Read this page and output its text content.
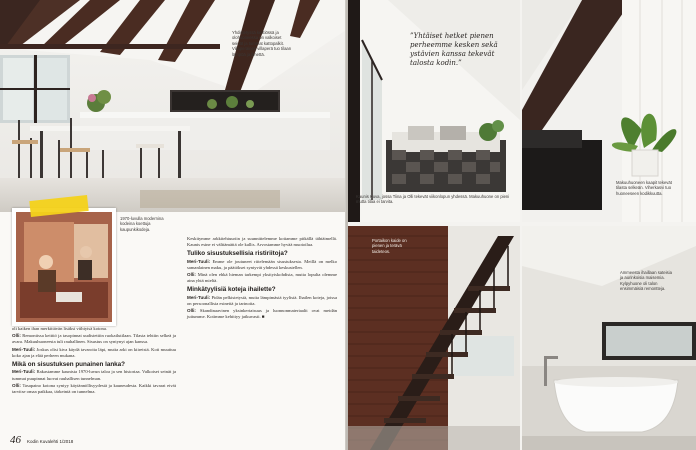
Yhdistetyssä keittiössä ja olohuoneessa on valkoiset seinät ja tummat kattopalkit. Villaperäinen villaperä tuo tilaan lämpöä ja ilmettä.
1970-luvulla modernina kodeina koettuja kaupunkikodeja.

oli kaiken ihan merkittävän lisäksi viihtyisä kotona.

Olli: Remontissa keittiö ja tasopinnat uudistettiin ruokailutilaan. Tilasta tehtiin selkeä ja avara. Makuuhuoneesta tuli rauhallinen. Sisustus on syntynyt ajan kanssa.

Meri-Tuuli: Joskus olisi kiva käydä tavaroita läpi, mutta arki on kiireistä. Koti muuttuu koko ajan ja elää perheen mukana.

Mikä on sisustuksen punainen lanka?

Meri-Tuuli: Rakastamme kaunista 1970-luvun taloa ja sen historiaa. Valkoiset seinät ja tummat puupinnat luovat rauhallisen tunnelman.

Olli: Tasapaino kotona syntyy käytännöllisyydestä ja kauneudesta. Kaikki tavarat eivät tarvitse omaa paikkaa, tärkeintä on tunnelma.

Keskitymme arkkitehtuuriin ja suunnittelemme kotiamme pitkällä tähtäimellä. Kaunis esine ei välttämättä ole kallis. Arvostamme hyvää muotoilua.

Tuliko sisustuksellisia ristiriitoja?

Meri-Tuuli: Emme ole joutuneet riitelemään sisustuksesta. Meillä on melko samanlainen maku, ja päätökset syntyvät yhdessä keskustellen.

Olli: Minä olen ehkä hieman tarkempi yksityiskohdista, mutta lopulta olemme aina yhtä mieltä.

Minkätyylisiä koteja ihailette?

Meri-Tuuli: Pidän pelkistetystä, mutta lämpimästä tyylistä. Ihailen koteja, joissa on persoonallisia esineitä ja tarinoita.

Olli: Skandinaavinen yksinkertaisuus ja luonnonmateriaalit ovat meidän juttumme. Kotimme kehittyy jatkuvasti. ■

46 Kodin Kuvalehti 1/2018
”Yhtäiset hetket pienen perheemme kesken sekä ystävien kanssa tekevät talosta kodin.”
Kaunis Kuva, jossa Tiina ja Olli tekevät viikonlopun yhdessä. Makuuhuone on pieni mutta tilaa ei tarvita.
Makuuhuoneen kaapit tekevät tilasta selkeän. Viherkasvi tuo huoneeseen kodikkuutta.
Portaikon kaide on pienen ja terävä taideteos.
Ammeesta ihaillaan sateisia ja aurinkoisia maisemia. Kylpyhuone oli talon ensimmäisiä remontteja.
